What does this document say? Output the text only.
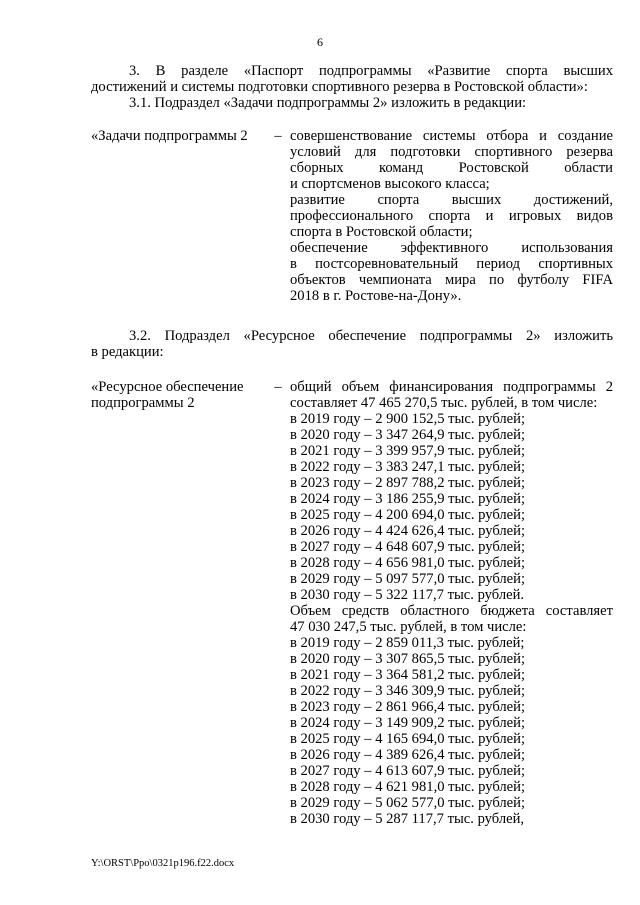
6
3. В разделе «Паспорт подпрограммы «Развитие спорта высших
достижений и системы подготовки спортивного резерва в Ростовской области»:
3.1. Подраздел «Задачи подпрограммы 2» изложить в редакции:
«Задачи подпрограммы 2	– совершенствование системы отбора и создание
условий для подготовки спортивного резерва
сборных команд Ростовской области
и спортсменов высокого класса;
развитие спорта высших достижений,
профессионального спорта и игровых видов
спорта в Ростовской области;
обеспечение эффективного использования
в постсоревновательный период спортивных
объектов чемпионата мира по футболу FIFA
2018 в г. Ростове-на-Дону».
3.2. Подраздел «Ресурсное обеспечение подпрограммы 2» изложить
в редакции:
«Ресурсное обеспечение
подпрограммы 2
– общий объем финансирования подпрограммы 2
составляет 47 465 270,5 тыс. рублей, в том числе:
в 2019 году – 2 900 152,5 тыс. рублей;
в 2020 году – 3 347 264,9 тыс. рублей;
в 2021 году – 3 399 957,9 тыс. рублей;
в 2022 году – 3 383 247,1 тыс. рублей;
в 2023 году – 2 897 788,2 тыс. рублей;
в 2024 году – 3 186 255,9 тыс. рублей;
в 2025 году – 4 200 694,0 тыс. рублей;
в 2026 году – 4 424 626,4 тыс. рублей;
в 2027 году – 4 648 607,9 тыс. рублей;
в 2028 году – 4 656 981,0 тыс. рублей;
в 2029 году – 5 097 577,0 тыс. рублей;
в 2030 году – 5 322 117,7 тыс. рублей.
Объем средств областного бюджета составляет
47 030 247,5 тыс. рублей, в том числе:
в 2019 году – 2 859 011,3 тыс. рублей;
в 2020 году – 3 307 865,5 тыс. рублей;
в 2021 году – 3 364 581,2 тыс. рублей;
в 2022 году – 3 346 309,9 тыс. рублей;
в 2023 году – 2 861 966,4 тыс. рублей;
в 2024 году – 3 149 909,2 тыс. рублей;
в 2025 году – 4 165 694,0 тыс. рублей;
в 2026 году – 4 389 626,4 тыс. рублей;
в 2027 году – 4 613 607,9 тыс. рублей;
в 2028 году – 4 621 981,0 тыс. рублей;
в 2029 году – 5 062 577,0 тыс. рублей;
в 2030 году – 5 287 117,7 тыс. рублей,
Y:\ORST\Ppo\0321p196.f22.docx
